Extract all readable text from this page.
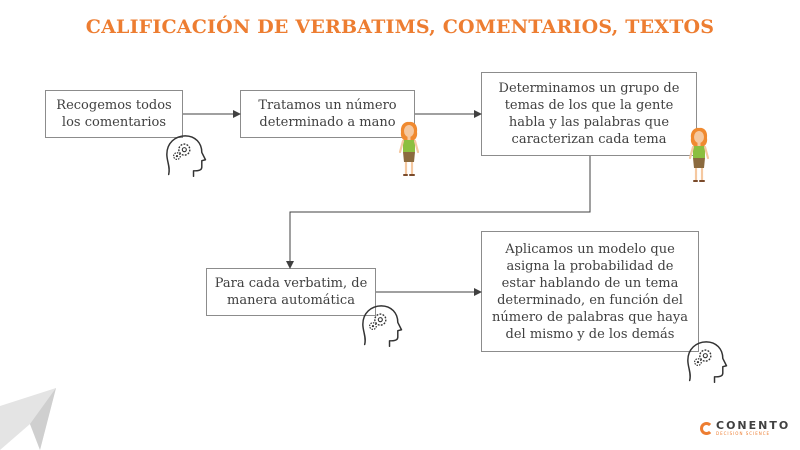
CALIFICACIÓN DE VERBATIMS, COMENTARIOS, TEXTOS
Recogemos todos los comentarios
Tratamos un número determinado a mano
Determinamos un grupo de temas de los que la gente habla y las palabras que caracterizan cada tema
Para cada verbatim, de manera automática
Aplicamos un modelo que asigna la probabilidad de estar hablando de un tema determinado, en función del número de palabras que haya del mismo y de los demás
CONENTO
DECISION SCIENCE
